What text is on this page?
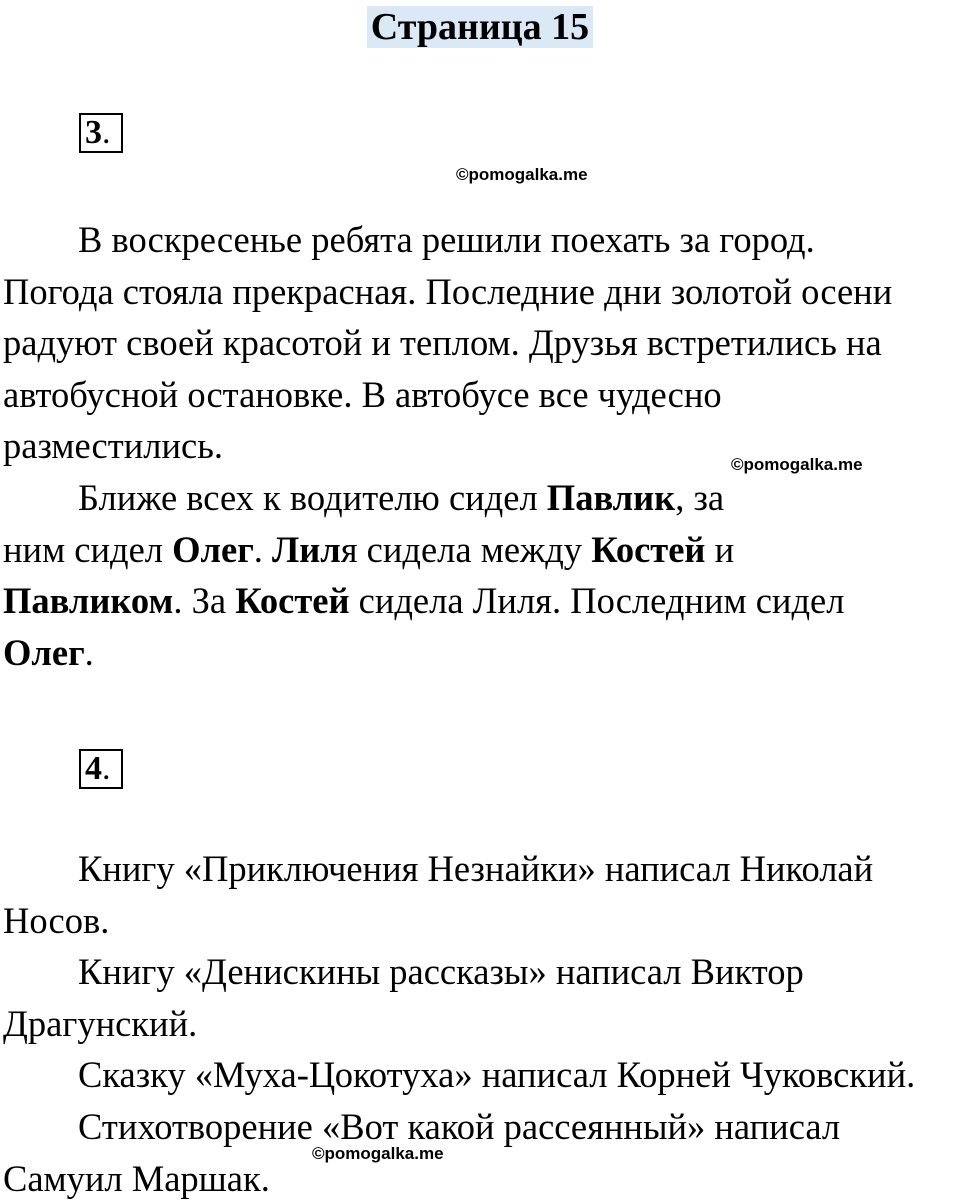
Страница 15
3.
©pomogalka.me
В воскресенье ребята решили поехать за город.
Погода стояла прекрасная. Последние дни золотой осени
радуют своей красотой и теплом. Друзья встретились на
автобусной остановке. В автобусе все чудесно
разместились.
Ближе всех к водителю сидел Павлик, за
ним сидел Олег. Лиля сидела между Костей и
Павликом. За Костей сидела Лиля. Последним сидел
Олег.
©pomogalka.me
4.
Книгу «Приключения Незнайки» написал Николай
Носов.
Книгу «Денискины рассказы» написал Виктор
Драгунский.
Сказку «Муха-Цокотуха» написал Корней Чуковский.
Стихотворение «Вот какой рассеянный» написал
Самуил Маршак.
©pomogalka.me
